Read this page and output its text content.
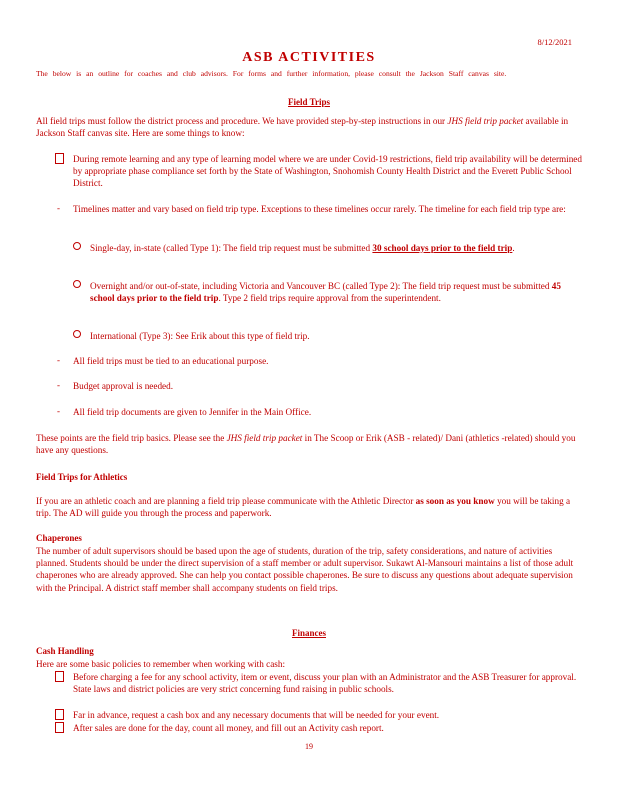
8/12/2021
ASB ACTIVITIES
The below is an outline for coaches and club advisors. For forms and further information, please consult the Jackson Staff canvas site.
Field Trips
All field trips must follow the district process and procedure. We have provided step-by-step instructions in our JHS field trip packet available in Jackson Staff canvas site. Here are some things to know:
During remote learning and any type of learning model where we are under Covid-19 restrictions, field trip availability will be determined by appropriate phase compliance set forth by the State of Washington, Snohomish County Health District and the Everett Public School District.
- Timelines matter and vary based on field trip type. Exceptions to these timelines occur rarely. The timeline for each field trip type are:
Single-day, in-state (called Type 1): The field trip request must be submitted 30 school days prior to the field trip.
Overnight and/or out-of-state, including Victoria and Vancouver BC (called Type 2): The field trip request must be submitted 45 school days prior to the field trip. Type 2 field trips require approval from the superintendent.
International (Type 3): See Erik about this type of field trip.
- All field trips must be tied to an educational purpose.
- Budget approval is needed.
- All field trip documents are given to Jennifer in the Main Office.
These points are the field trip basics. Please see the JHS field trip packet in The Scoop or Erik (ASB - related)/ Dani (athletics -related) should you have any questions.
Field Trips for Athletics
If you are an athletic coach and are planning a field trip please communicate with the Athletic Director as soon as you know you will be taking a trip. The AD will guide you through the process and paperwork.
Chaperones
The number of adult supervisors should be based upon the age of students, duration of the trip, safety considerations, and nature of activities planned. Students should be under the direct supervision of a staff member or adult supervisor. Sukawt Al-Mansouri maintains a list of those adult chaperones who are already approved. She can help you contact possible chaperones. Be sure to discuss any questions about adequate supervision with the Principal. A district staff member shall accompany students on field trips.
Finances
Cash Handling
Here are some basic policies to remember when working with cash:
Before charging a fee for any school activity, item or event, discuss your plan with an Administrator and the ASB Treasurer for approval. State laws and district policies are very strict concerning fund raising in public schools.
Far in advance, request a cash box and any necessary documents that will be needed for your event.
After sales are done for the day, count all money, and fill out an Activity cash report.
19
